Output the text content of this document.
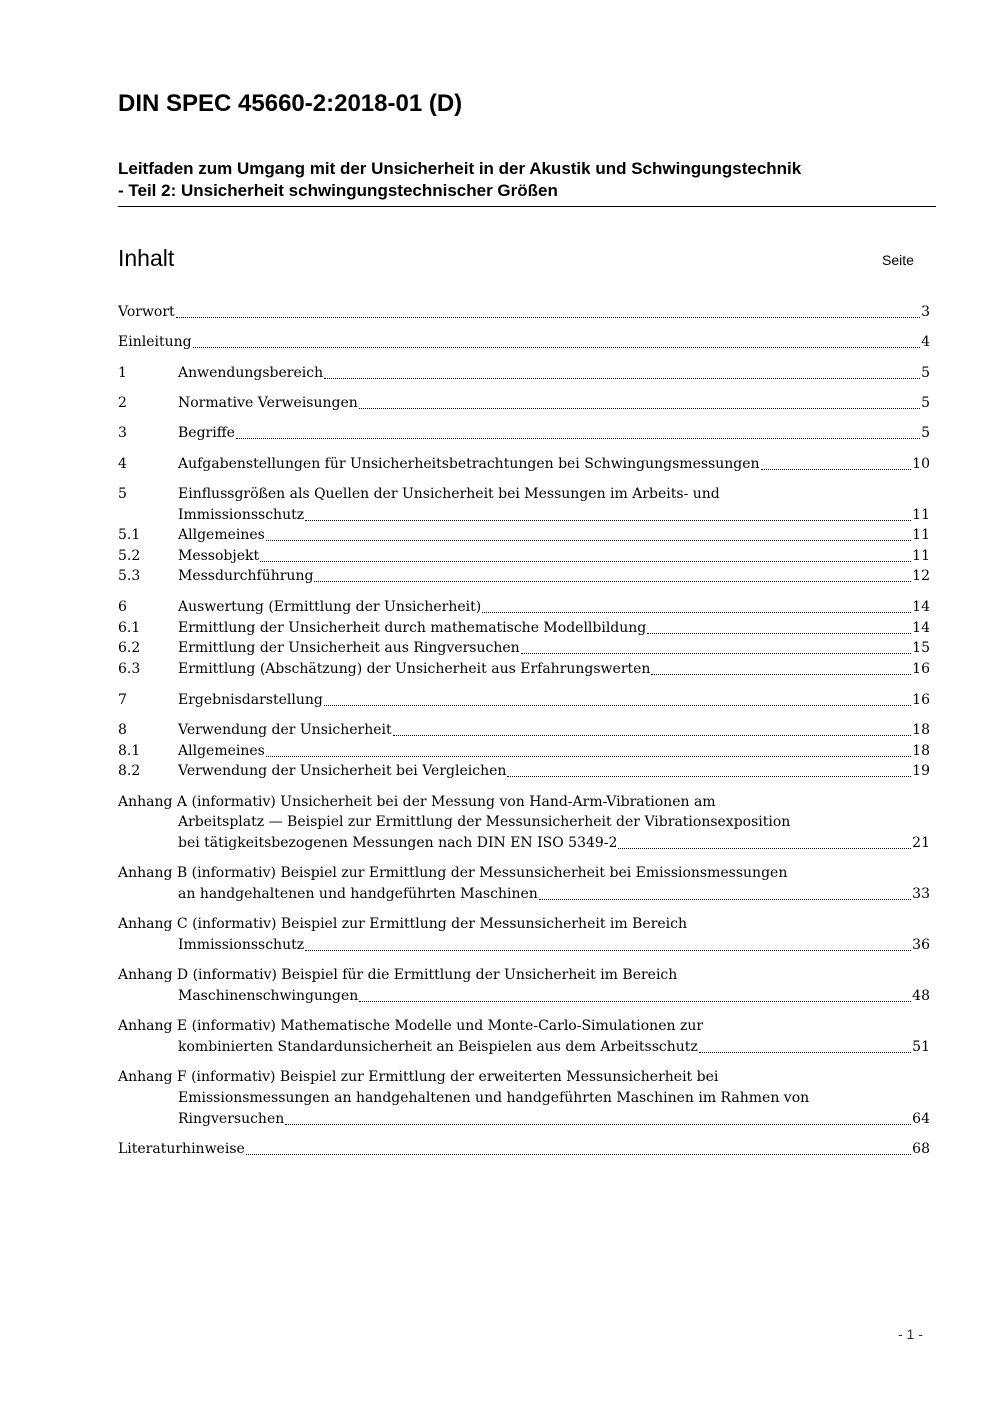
DIN SPEC 45660-2:2018-01 (D)
Leitfaden zum Umgang mit der Unsicherheit in der Akustik und Schwingungstechnik
- Teil 2: Unsicherheit schwingungstechnischer Größen
Inhalt	Seite
Vorwort	3
Einleitung	4
1	Anwendungsbereich	5
2	Normative Verweisungen	5
3	Begriffe	5
4	Aufgabenstellungen für Unsicherheitsbetrachtungen bei Schwingungsmessungen	10
5	Einflussgrößen als Quellen der Unsicherheit bei Messungen im Arbeits- und
Immissionsschutz	11
5.1	Allgemeines	11
5.2	Messobjekt	11
5.3	Messdurchführung	12
6	Auswertung (Ermittlung der Unsicherheit)	14
6.1	Ermittlung der Unsicherheit durch mathematische Modellbildung	14
6.2	Ermittlung der Unsicherheit aus Ringversuchen	15
6.3	Ermittlung (Abschätzung) der Unsicherheit aus Erfahrungswerten	16
7	Ergebnisdarstellung	16
8	Verwendung der Unsicherheit	18
8.1	Allgemeines	18
8.2	Verwendung der Unsicherheit bei Vergleichen	19
Anhang A (informativ) Unsicherheit bei der Messung von Hand-Arm-Vibrationen am
Arbeitsplatz — Beispiel zur Ermittlung der Messunsicherheit der Vibrationsexposition
bei tätigkeitsbezogenen Messungen nach DIN EN ISO 5349-2	21
Anhang B (informativ) Beispiel zur Ermittlung der Messunsicherheit bei Emissionsmessungen
an handgehaltenen und handgeführten Maschinen	33
Anhang C (informativ) Beispiel zur Ermittlung der Messunsicherheit im Bereich
Immissionsschutz	36
Anhang D (informativ) Beispiel für die Ermittlung der Unsicherheit im Bereich
Maschinenschwingungen	48
Anhang E (informativ) Mathematische Modelle und Monte-Carlo-Simulationen zur
kombinierten Standardunsicherheit an Beispielen aus dem Arbeitsschutz	51
Anhang F (informativ) Beispiel zur Ermittlung der erweiterten Messunsicherheit bei
Emissionsmessungen an handgehaltenen und handgeführten Maschinen im Rahmen von
Ringversuchen	64
Literaturhinweise	68
- 1 -
